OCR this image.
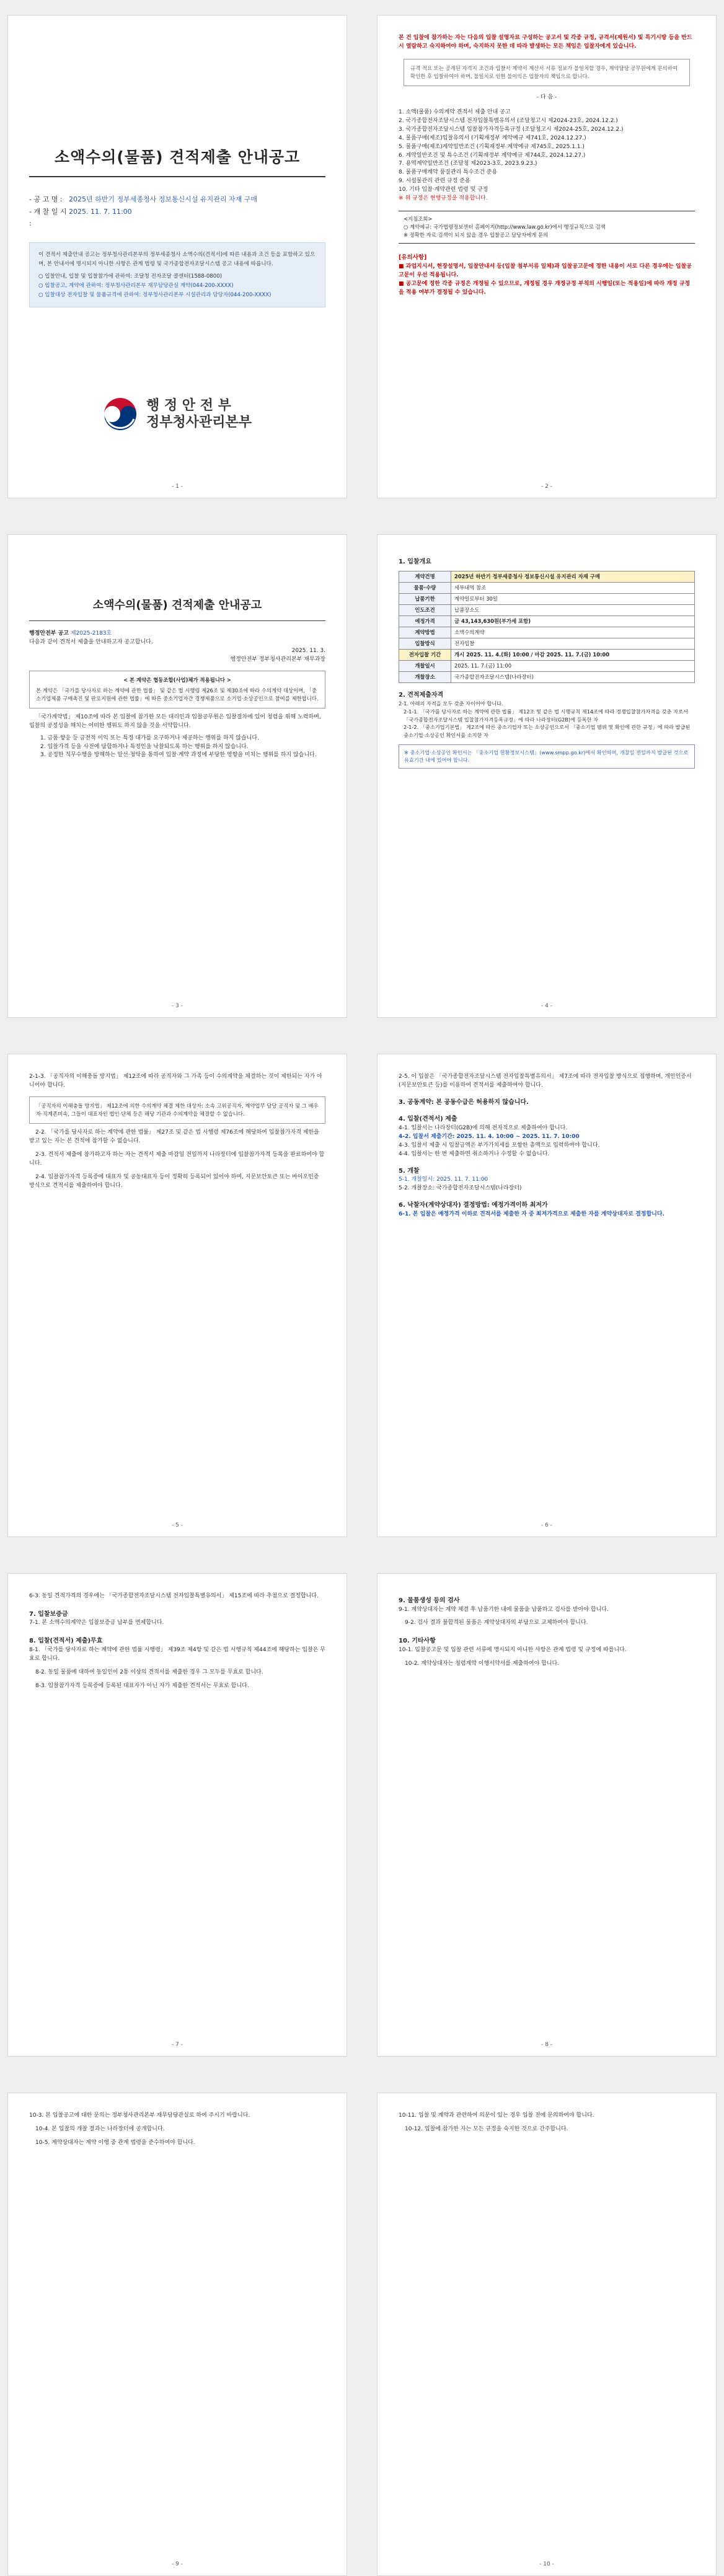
소액수의(물품) 견적제출 안내공고
- 공 고 명 : 2025년 하반기 정부세종청사 정보통신시설 유지관리 자재 구매
- 개 찰 일 시 :
2025. 11. 7. 11:00
이 견적서 제출안내 공고는 정부청사관리본부의 정부세종청사 소액수의(견적서)에 따른 내용과 조건 등을 포함하고 있으며, 본 안내서에 명시되지 아니한 사항은 관계 법령 및 국가종합전자조달시스템 공고 내용에 따릅니다.
○ 입찰안내, 입찰 및 입찰참가에 관하여: 조달청 전자조달 콜센터(1588-0800)
○ 입찰공고, 계약에 관하여: 정부청사관리본부 재무담당관실 계약(044-200-XXXX)
○ 입찰대상 전자입찰 및 물품규격에 관하여: 정부청사관리본부 시설관리과 담당자(044-200-XXXX)
행 정 안 전 부
정부청사관리본부
- 1 -
본 건 입찰에 참가하는 자는 다음의 입찰 설명자료 구성하는 공고서 및 각종 규정, 규격서(제원서) 및 특기시방 등을 반드시 열람하고 숙지하여야 하며, 숙지하지 못한 데 따라 발생하는 모든 책임은 입찰자에게 있습니다.
규격 적요 또는 공개된 자격지 조건과 입찰서 계약서 계산서 서류 정보가 불일치할 경우, 계약담당 공무원에게 문의하여 확인한 후 입찰하여야 하며, 불일치로 인한 불이익은 입찰자의 책임으로 합니다.
- 다 음 -
1. 소액(물품) 수의계약 견적서 제출 안내 공고
2. 국가종합전자조달시스템 전자입찰특별유의서 (조달청고시 제2024-23호, 2024.12.2.)
3. 국가종합전자조달시스템 입찰참가자격등록규정 (조달청고시 제2024-25호, 2024.12.2.)
4. 물품구매(제조)입찰유의서 (기획재정부 계약예규 제741호, 2024.12.27.)
5. 물품구매(제조)계약일반조건 (기획재정부 계약예규 제745호, 2025.1.1.)
6. 계약일반조건 및 특수조건 (기획재정부 계약예규 제744호, 2024.12.27.)
7. 용역계약일반조건 (조달청 제2023-3호, 2023.9.23.)
8. 물품구매계약 품질관리 특수조건 준용
9. 시설물관리 관련 규정 준용
10. 기타 입찰·계약관련 법령 및 규정
※ 위 규정은 현행규정을 적용합니다.
<지침조회>
○ 계약예규: 국가법령정보센터 홈페이지(http://www.law.go.kr)에서 행정규칙으로 검색
※ 정확한 자료 검색이 되지 않을 경우 입찰공고 담당자에게 문의
[유의사항]
■ 과업지시서, 현장설명서, 입찰안내서 등(입찰 첨부서류 일체)과 입찰공고문에 정한 내용이 서로 다른 경우에는 입찰공고문이 우선 적용됩니다.
■ 공고문에 정한 각종 규정은 개정될 수 있으므로, 개정될 경우 개정규정 부칙의 시행일(또는 적용일)에 따라 개정 규정을 적용 여부가 결정될 수 있습니다.
- 2 -
소액수의(물품) 견적제출 안내공고
행정안전부 공고 제2025-2183호
다음과 같이 견적서 제출을 안내하고자 공고합니다.
2025. 11. 3.
행정안전부 정부청사관리본부 재무과장
< 본 계약은 협동조합(사업)체가 적용됩니다 >
본 계약은 「국가를 당사자로 하는 계약에 관한 법률」 및 같은 법 시행령 제26조 및 제30조에 따라 수의계약 대상이며, 「중소기업제품 구매촉진 및 판로지원에 관한 법률」에 따른 중소기업자간 경쟁제품으로 소기업·소상공인으로 참여를 제한합니다.
「국가계약법」 제10조에 따라 본 입찰에 참가한 모든 대리인과 입찰공무원은 입찰절차에 있어 청렴을 위해 노력하며, 입찰의 공정성을 해치는 어떠한 행위도 하지 않을 것을 서약합니다.
1. 금품·향응 등 금전적 이익 또는 특정 대가를 요구하거나 제공하는 행위를 하지 않습니다.
2. 입찰가격 등을 사전에 담합하거나 특정인을 낙찰되도록 하는 행위를 하지 않습니다.
3. 공정한 직무수행을 방해하는 알선·청탁을 통하여 입찰·계약 과정에 부당한 영향을 미치는 행위를 하지 않습니다.
- 3 -
1. 입찰개요
계약건명	2025년 하반기 정부세종청사 정보통신시설 유지관리 자재 구매
물품·수량	세부내역 참조
납품기한	계약일로부터 30일
인도조건	납품장소도
예정가격	금 43,143,630원(부가세 포함)
계약방법	소액수의계약
입찰방식	전자입찰
전자입찰 기간	개시 2025. 11. 4.(화) 10:00 / 마감 2025. 11. 7.(금) 10:00
개찰일시	2025. 11. 7.(금) 11:00
개찰장소	국가종합전자조달시스템(나라장터)
2. 견적제출자격
2-1. 아래의 자격을 모두 갖춘 자이어야 합니다.
2-1-1. 「국가를 당사자로 하는 계약에 관한 법률」 제12조 및 같은 법 시행규칙 제14조에 따라 경쟁입찰참가자격을 갖춘 자로서 「국가종합전자조달시스템 입찰참가자격등록규정」에 따라 나라장터(G2B)에 등록한 자
2-1-2. 「중소기업기본법」 제2조에 따른 중소기업자 또는 소상공인으로서 「중소기업 범위 및 확인에 관한 규정」에 따라 발급된 중소기업·소상공인 확인서를 소지한 자
※ 중소기업·소상공인 확인서는 「중소기업 현황정보시스템」(www.smpp.go.kr)에서 확인하며, 개찰일 전일까지 발급된 것으로 유효기간 내에 있어야 합니다.
- 4 -
2-1-3. 「공직자의 이해충돌 방지법」 제12조에 따라 공직자와 그 가족 등이 수의계약을 체결하는 것이 제한되는 자가 아니어야 합니다.
「공직자의 이해충돌 방지법」 제12조에 의한 수의계약 체결 제한 대상자: 소속 고위공직자, 계약업무 담당 공직자 및 그 배우자·직계존비속, 그들이 대표자인 법인·단체 등은 해당 기관과 수의계약을 체결할 수 없습니다.
2-2. 「국가를 당사자로 하는 계약에 관한 법률」 제27조 및 같은 법 시행령 제76조에 해당하여 입찰참가자격 제한을 받고 있는 자는 본 견적에 참가할 수 없습니다.
2-3. 견적서 제출에 참가하고자 하는 자는 견적서 제출 마감일 전일까지 나라장터에 입찰참가자격 등록을 완료하여야 합니다.
2-4. 입찰참가자격 등록증에 대표자 및 공동대표자 등이 정확히 등록되어 있어야 하며, 지문보안토큰 또는 바이오인증 방식으로 견적서를 제출하여야 합니다.
- 5 -
2-5. 이 입찰은 「국가종합전자조달시스템 전자입찰특별유의서」 제7조에 따라 전자입찰 방식으로 집행하며, 개인인증서(지문보안토큰 등)를 이용하여 견적서를 제출하여야 합니다.
3. 공동계약: 본 공동수급은 허용하지 않습니다.
4. 입찰(견적서) 제출
4-1. 입찰서는 나라장터(G2B)에 의해 전자적으로 제출하여야 합니다.
4-2. 입찰서 제출기간: 2025. 11. 4. 10:00 ~ 2025. 11. 7. 10:00
4-3. 입찰서 제출 시 입찰금액은 부가가치세를 포함한 총액으로 입력하여야 합니다.
4-4. 입찰서는 한 번 제출하면 취소하거나 수정할 수 없습니다.
5. 개찰
5-1. 개찰일시: 2025. 11. 7. 11:00
5-2. 개찰장소: 국가종합전자조달시스템(나라장터)
6. 낙찰자(계약상대자) 결정방법: 예정가격이하 최저가
6-1. 본 입찰은 예정가격 이하로 견적서를 제출한 자 중 최저가격으로 제출한 자를 계약상대자로 결정합니다.
- 6 -
6-3. 동일 견적가격의 경우에는 「국가종합전자조달시스템 전자입찰특별유의서」 제15조에 따라 추첨으로 결정합니다.
7. 입찰보증금
7-1. 본 소액수의계약은 입찰보증금 납부를 면제합니다.
8. 입찰(견적서) 제출)무효
8-1. 「국가를 당사자로 하는 계약에 관한 법률 시행령」 제39조 제4항 및 같은 법 시행규칙 제44조에 해당하는 입찰은 무효로 합니다.
8-2. 동일 물품에 대하여 동일인이 2통 이상의 견적서를 제출한 경우 그 모두를 무효로 합니다.
8-3. 입찰참가자격 등록증에 등록된 대표자가 아닌 자가 제출한 견적서는 무효로 합니다.
- 7 -
9. 물품생성 등의 검사
9-1. 계약상대자는 계약 체결 후 납품기한 내에 물품을 납품하고 검사를 받아야 합니다.
9-2. 검사 결과 불합격된 물품은 계약상대자의 부담으로 교체하여야 합니다.
10. 기타사항
10-1. 입찰공고문 및 입찰 관련 서류에 명시되지 아니한 사항은 관계 법령 및 규정에 따릅니다.
10-2. 계약상대자는 청렴계약 이행서약서를 제출하여야 합니다.
- 8 -
10-3. 본 입찰공고에 대한 문의는 정부청사관리본부 재무담당관실로 하여 주시기 바랍니다.
10-4. 본 입찰의 개찰 결과는 나라장터에 공개합니다.
10-5. 계약상대자는 계약 이행 중 관계 법령을 준수하여야 합니다.
- 9 -
10-11. 입찰 및 계약과 관련하여 의문이 있는 경우 입찰 전에 문의하여야 합니다.
10-12. 입찰에 참가한 자는 모든 규정을 숙지한 것으로 간주합니다.
- 10 -
